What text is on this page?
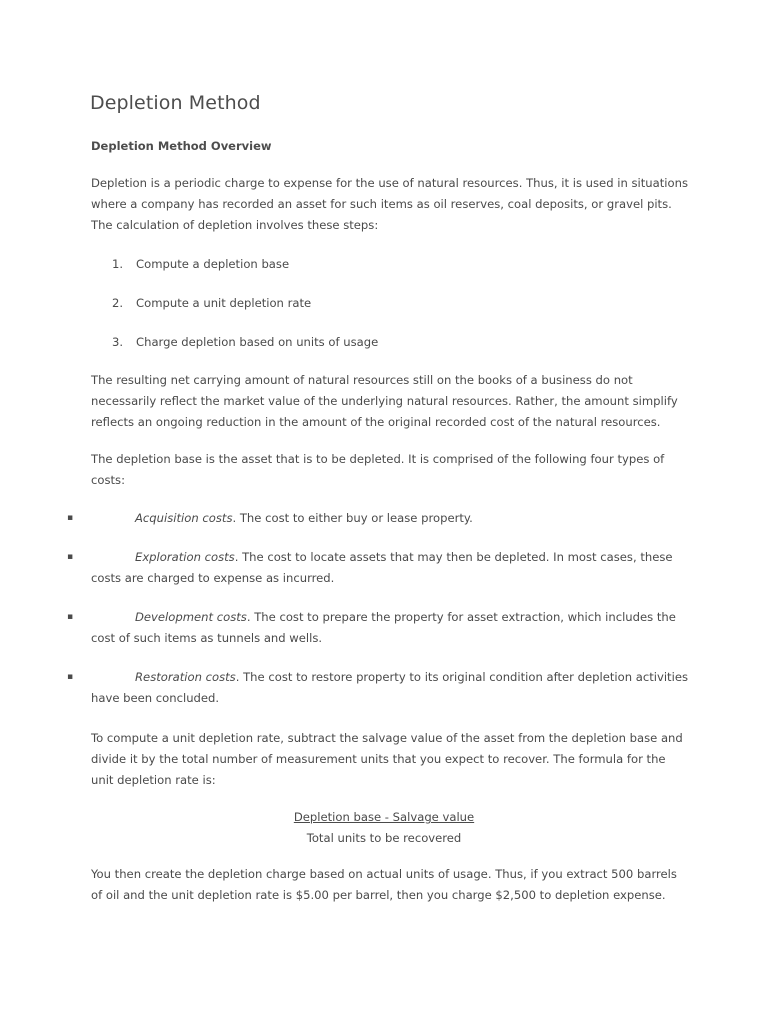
Depletion Method
Depletion Method Overview

Depletion is a periodic charge to expense for the use of natural resources. Thus, it is used in situations where a company has recorded an asset for such items as oil reserves, coal deposits, or gravel pits. The calculation of depletion involves these steps:

1. Compute a depletion base
2. Compute a unit depletion rate
3. Charge depletion based on units of usage

The resulting net carrying amount of natural resources still on the books of a business do not necessarily reflect the market value of the underlying natural resources. Rather, the amount simplify reflects an ongoing reduction in the amount of the original recorded cost of the natural resources.

The depletion base is the asset that is to be depleted. It is comprised of the following four types of costs:

▪	Acquisition costs. The cost to either buy or lease property.

▪	Exploration costs. The cost to locate assets that may then be depleted. In most cases, these costs are charged to expense as incurred.

▪	Development costs. The cost to prepare the property for asset extraction, which includes the cost of such items as tunnels and wells.

▪	Restoration costs. The cost to restore property to its original condition after depletion activities have been concluded.

To compute a unit depletion rate, subtract the salvage value of the asset from the depletion base and divide it by the total number of measurement units that you expect to recover. The formula for the unit depletion rate is:

Depletion base - Salvage value
Total units to be recovered

You then create the depletion charge based on actual units of usage. Thus, if you extract 500 barrels of oil and the unit depletion rate is $5.00 per barrel, then you charge $2,500 to depletion expense.
